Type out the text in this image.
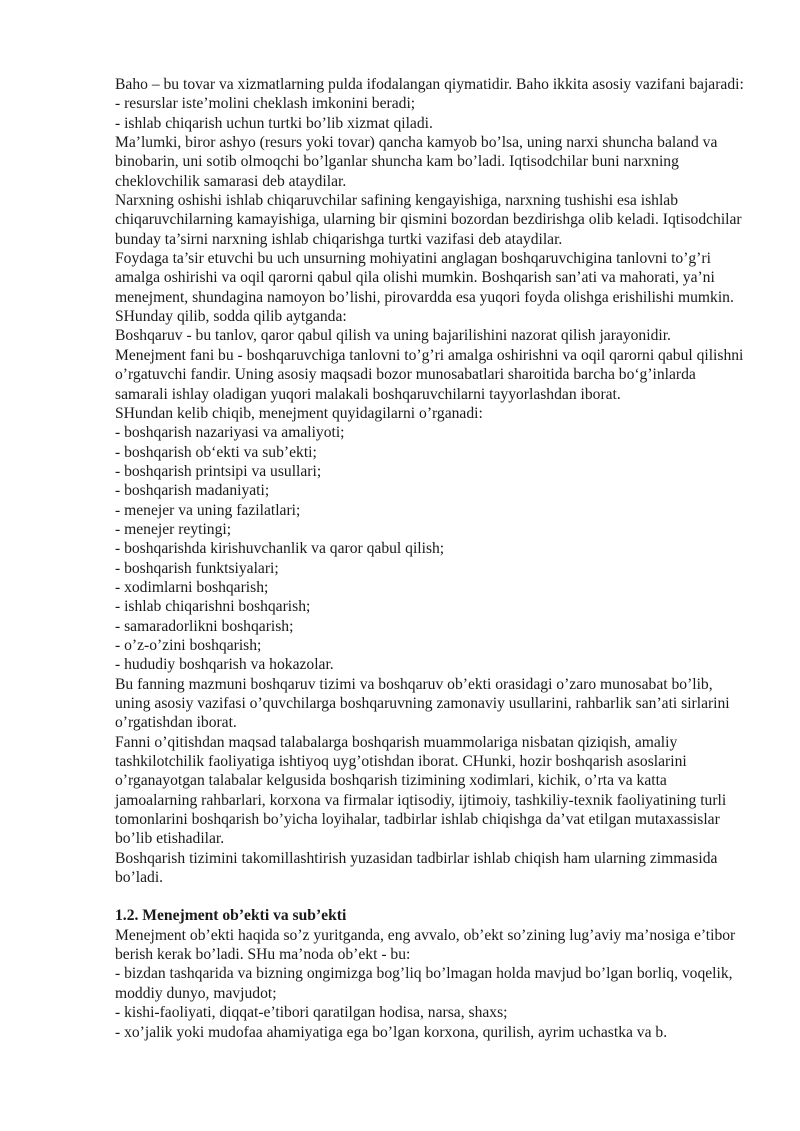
Baho – bu tovar va xizmatlarning pulda ifodalangan qiymatidir. Baho ikkita asosiy vazifani bajaradi:

- resurslar iste’molini cheklash imkonini beradi;

- ishlab chiqarish uchun turtki bo’lib xizmat qiladi.

Ma’lumki, biror ashyo (resurs yoki tovar) qancha kamyob bo’lsa, uning narxi shuncha baland va binobarin, uni sotib olmoqchi bo’lganlar shuncha kam bo’ladi. Iqtisodchilar buni narxning cheklovchilik samarasi deb ataydilar.

Narxning oshishi ishlab chiqaruvchilar safining kengayishiga, narxning tushishi esa ishlab chiqaruvchilarning kamayishiga, ularning bir qismini bozordan bezdirishga olib keladi. Iqtisodchilar bunday ta’sirni narxning ishlab chiqarishga turtki vazifasi deb ataydilar.

Foydaga ta’sir etuvchi bu uch unsurning mohiyatini anglagan boshqaruvchigina tanlovni to’g’ri amalga oshirishi va oqil qarorni qabul qila olishi mumkin. Boshqarish san’ati va mahorati, ya’ni menejment, shundagina namoyon bo’lishi, pirovardda esa yuqori foyda olishga erishilishi mumkin. SHunday qilib, sodda qilib aytganda:

Boshqaruv - bu tanlov, qaror qabul qilish va uning bajarilishini nazorat qilish jarayonidir.

Menejment fani bu - boshqaruvchiga tanlovni to’g’ri amalga oshirishni va oqil qarorni qabul qilishni o’rgatuvchi fandir. Uning asosiy maqsadi bozor munosabatlari sharoitida barcha bo‘g’inlarda samarali ishlay oladigan yuqori malakali boshqaruvchilarni tayyorlashdan iborat.

SHundan kelib chiqib, menejment quyidagilarni o’rganadi:

- boshqarish nazariyasi va amaliyoti;

- boshqarish ob‘ekti va sub’ekti;

- boshqarish printsipi va usullari;

- boshqarish madaniyati;

- menejer va uning fazilatlari;

- menejer reytingi;

- boshqarishda kirishuvchanlik va qaror qabul qilish;

- boshqarish funktsiyalari;

- xodimlarni boshqarish;

- ishlab chiqarishni boshqarish;

- samaradorlikni boshqarish;

- o’z-o’zini boshqarish;

- hududiy boshqarish va hokazolar.

Bu fanning mazmuni boshqaruv tizimi va boshqaruv ob’ekti orasidagi o’zaro munosabat bo’lib, uning asosiy vazifasi o’quvchilarga boshqaruvning zamonaviy usullarini, rahbarlik san’ati sirlarini o’rgatishdan iborat.

Fanni o’qitishdan maqsad talabalarga boshqarish muammolariga nisbatan qiziqish, amaliy tashkilotchilik faoliyatiga ishtiyoq uyg’otishdan iborat. CHunki, hozir boshqarish asoslarini o’rganayotgan talabalar kelgusida boshqarish tizimining xodimlari, kichik, o’rta va katta jamoalarning rahbarlari, korxona va firmalar iqtisodiy, ijtimoiy, tashkiliy-texnik faoliyatining turli tomonlarini boshqarish bo’yicha loyihalar, tadbirlar ishlab chiqishga da’vat etilgan mutaxassislar bo’lib etishadilar.

Boshqarish tizimini takomillashtirish yuzasidan tadbirlar ishlab chiqish ham ularning zimmasida bo’ladi.

1.2. Menejment ob’ekti va sub’ekti

Menejment ob’ekti haqida so’z yuritganda, eng avvalo, ob’ekt so’zining lug’aviy ma’nosiga e’tibor berish kerak bo’ladi. SHu ma’noda ob’ekt - bu:

- bizdan tashqarida va bizning ongimizga bog’liq bo’lmagan holda mavjud bo’lgan borliq, voqelik, moddiy dunyo, mavjudot;

- kishi-faoliyati, diqqat-e’tibori qaratilgan hodisa, narsa, shaxs;

- xo’jalik yoki mudofaa ahamiyatiga ega bo’lgan korxona, qurilish, ayrim uchastka va b.
